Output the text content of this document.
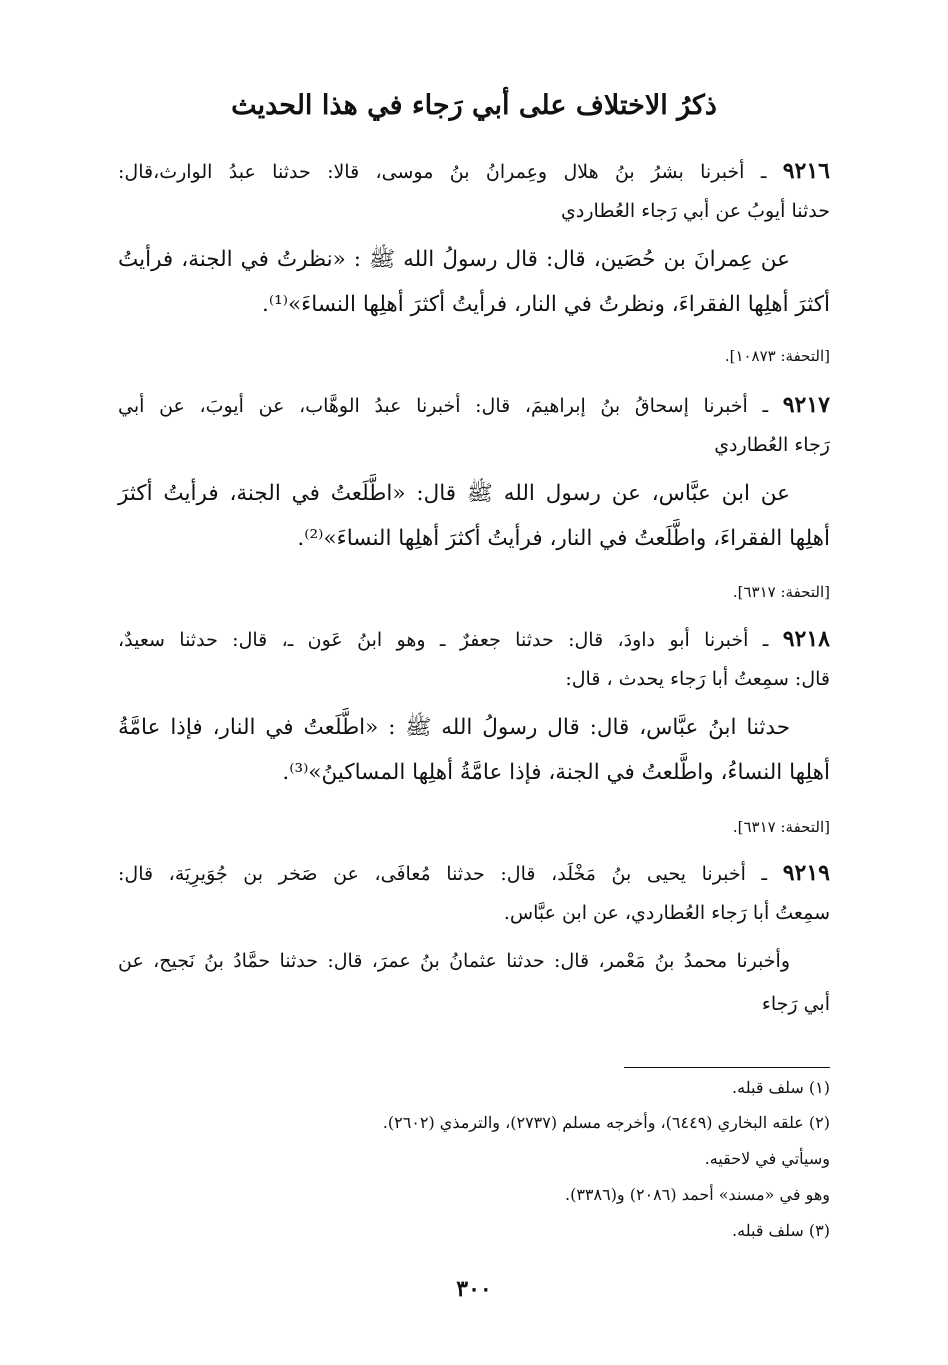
ذكرُ الاختلاف على أبي رَجاء في هذا الحديث
٩٢١٦ ـ أخبرنا بشرُ بنُ هلال وعِمرانُ بنُ موسى، قالا: حدثنا عبدُ الوارث،قال:
حدثنا أيوبُ عن أبي رَجاء العُطاردي
عن عِمرانَ بن حُصَين، قال: قال رسولُ الله ﷺ : «نظرتُ في الجنة، فرأيتُ
أكثرَ أهلِها الفقراءَ، ونظرتُ في النار، فرأيتُ أكثرَ أهلِها النساءَ»⁽¹⁾.
[التحفة: ١٠٨٧٣].
٩٢١٧ ـ أخبرنا إسحاقُ بنُ إبراهيمَ، قال: أخبرنا عبدُ الوهَّاب، عن أيوبَ، عن أبي
رَجاء العُطاردي
عن ابن عبَّاس، عن رسول الله ﷺ قال: «اطَّلَعتُ في الجنة، فرأيتُ أكثرَ
أهلِها الفقراءَ، واطَّلَعتُ في النار، فرأيتُ أكثرَ أهلِها النساءَ»⁽²⁾.
[التحفة: ٦٣١٧].
٩٢١٨ ـ أخبرنا أبو داودَ، قال: حدثنا جعفرٌ ـ وهو ابنُ عَون ـ، قال: حدثنا سعيدٌ،
قال: سمِعتُ أبا رَجاء يحدث ، قال:
حدثنا ابنُ عبَّاس، قال: قال رسولُ الله ﷺ : «اطَّلَعتُ في النار، فإذا عامَّةُ
أهلِها النساءُ، واطَّلعتُ في الجنة، فإذا عامَّةُ أهلِها المساكينُ»⁽³⁾.
[التحفة: ٦٣١٧].
٩٢١٩ ـ أخبرنا يحيى بنُ مَخْلَد، قال: حدثنا مُعافَى، عن صَخر بن جُوَيرِيَة، قال:
سمِعتُ أبا رَجاء العُطاردي، عن ابن عبَّاس.
وأخبرنا محمدُ بنُ مَعْمر، قال: حدثنا عثمانُ بنُ عمرَ، قال: حدثنا حمَّادُ بنُ نَجيح، عن
أبي رَجاء
(١) سلف قبله.
(٢) علقه البخاري (٦٤٤٩)، وأخرجه مسلم (٢٧٣٧)، والترمذي (٢٦٠٢).
وسيأتي في لاحقيه.
وهو في «مسند» أحمد (٢٠٨٦) و(٣٣٨٦).
(٣) سلف قبله.
٣٠٠
